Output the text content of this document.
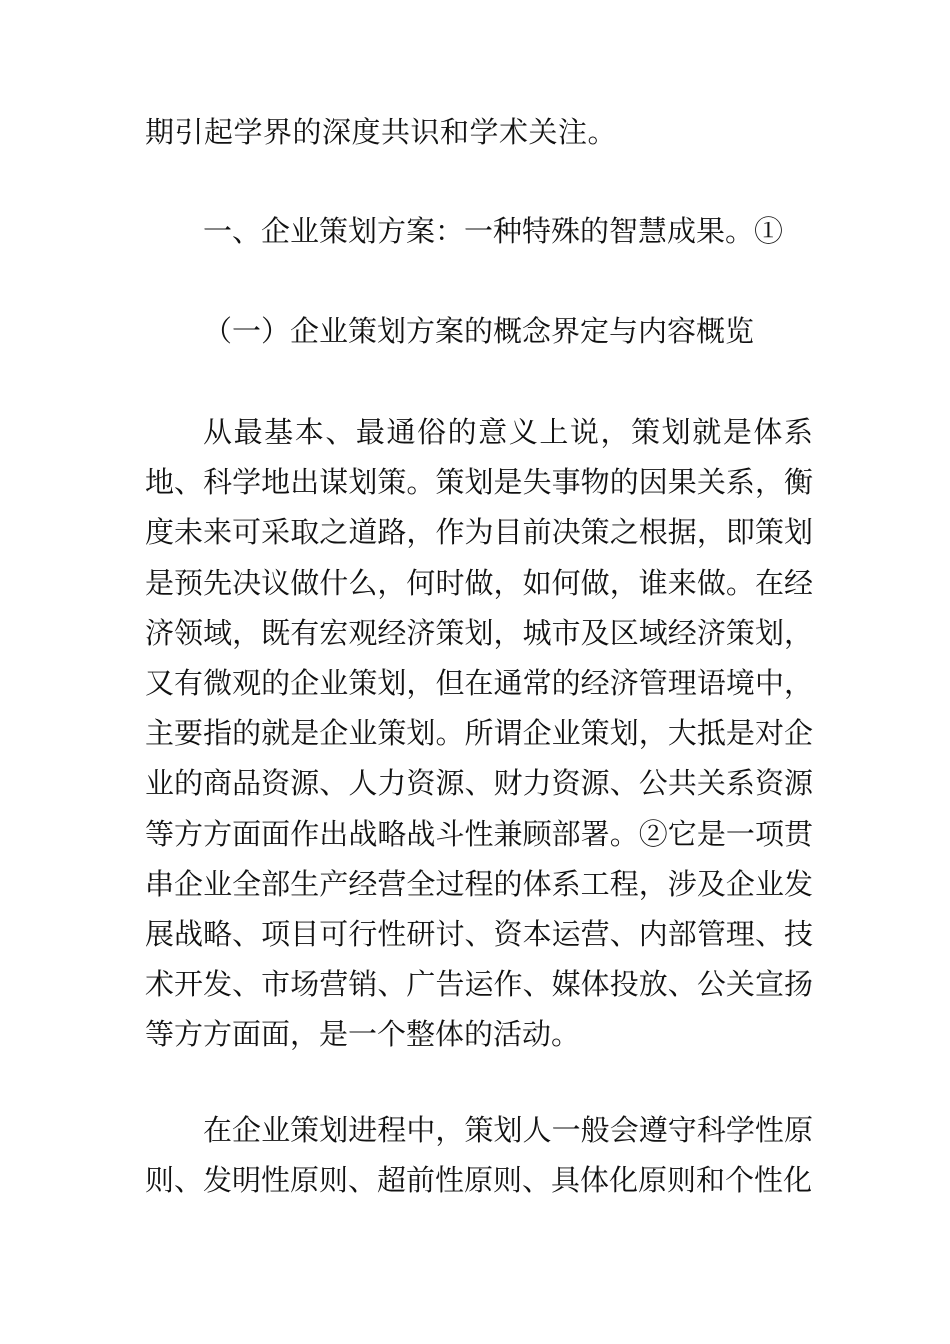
期引起学界的深度共识和学术关注。
一、企业策划方案：一种特殊的智慧成果。①
（一）企业策划方案的概念界定与内容概览
从最基本、最通俗的意义上说，策划就是体系地、科学地出谋划策。策划是失事物的因果关系，衡度未来可采取之道路，作为目前决策之根据，即策划是预先决议做什么，何时做，如何做，谁来做。在经济领域，既有宏观经济策划，城市及区域经济策划，又有微观的企业策划，但在通常的经济管理语境中，主要指的就是企业策划。所谓企业策划，大抵是对企业的商品资源、人力资源、财力资源、公共关系资源等方方面面作出战略战斗性兼顾部署。②它是一项贯串企业全部生产经营全过程的体系工程，涉及企业发展战略、项目可行性研讨、资本运营、内部管理、技术开发、市场营销、广告运作、媒体投放、公关宣扬等方方面面，是一个整体的活动。
在企业策划进程中，策划人一般会遵守科学性原则、发明性原则、超前性原则、具体化原则和个性化
